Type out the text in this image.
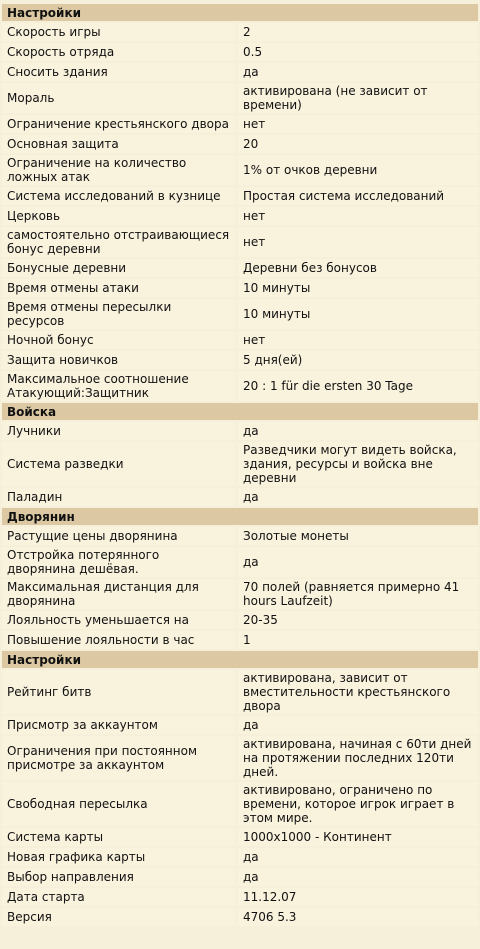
Настройки	
Скорость игры	2
Скорость отряда	0.5
Сносить здания	да
Мораль	активирована (не зависит от времени)
Ограничение крестьянского двора	нет
Основная защита	20
Ограничение на количество ложных атак	1% от очков деревни
Система исследований в кузнице	Простая система исследований
Церковь	нет
самостоятельно отстраивающиеся бонус деревни	нет
Бонусные деревни	Деревни без бонусов
Время отмены атаки	10 минуты
Время отмены пересылки ресурсов	10 минуты
Ночной бонус	нет
Защита новичков	5 дня(ей)
Максимальное соотношение Атакующий:Защитник	20 : 1 für die ersten 30 Tage
Войска	
Лучники	да
Система разведки	Разведчики могут видеть войска, здания, ресурсы и войска вне деревни
Паладин	да
Дворянин	
Растущие цены дворянина	Золотые монеты
Отстройка потерянного дворянина дешёвая.	да
Максимальная дистанция для дворянина	70 полей (равняется примерно 41 hours Laufzeit)
Лояльность уменьшается на	20-35
Повышение лояльности в час	1
Настройки	
Рейтинг битв	активирована, зависит от вместительности крестьянского двора
Присмотр за аккаунтом	да
Ограничения при постоянном присмотре за аккаунтом	активирована, начиная с 60ти дней на протяжении последних 120ти дней.
Свободная пересылка	активировано, ограничено по времени, которое игрок играет в этом мире.
Система карты	1000x1000 - Континент
Новая графика карты	да
Выбор направления	да
Дата старта	11.12.07
Версия	4706 5.3
